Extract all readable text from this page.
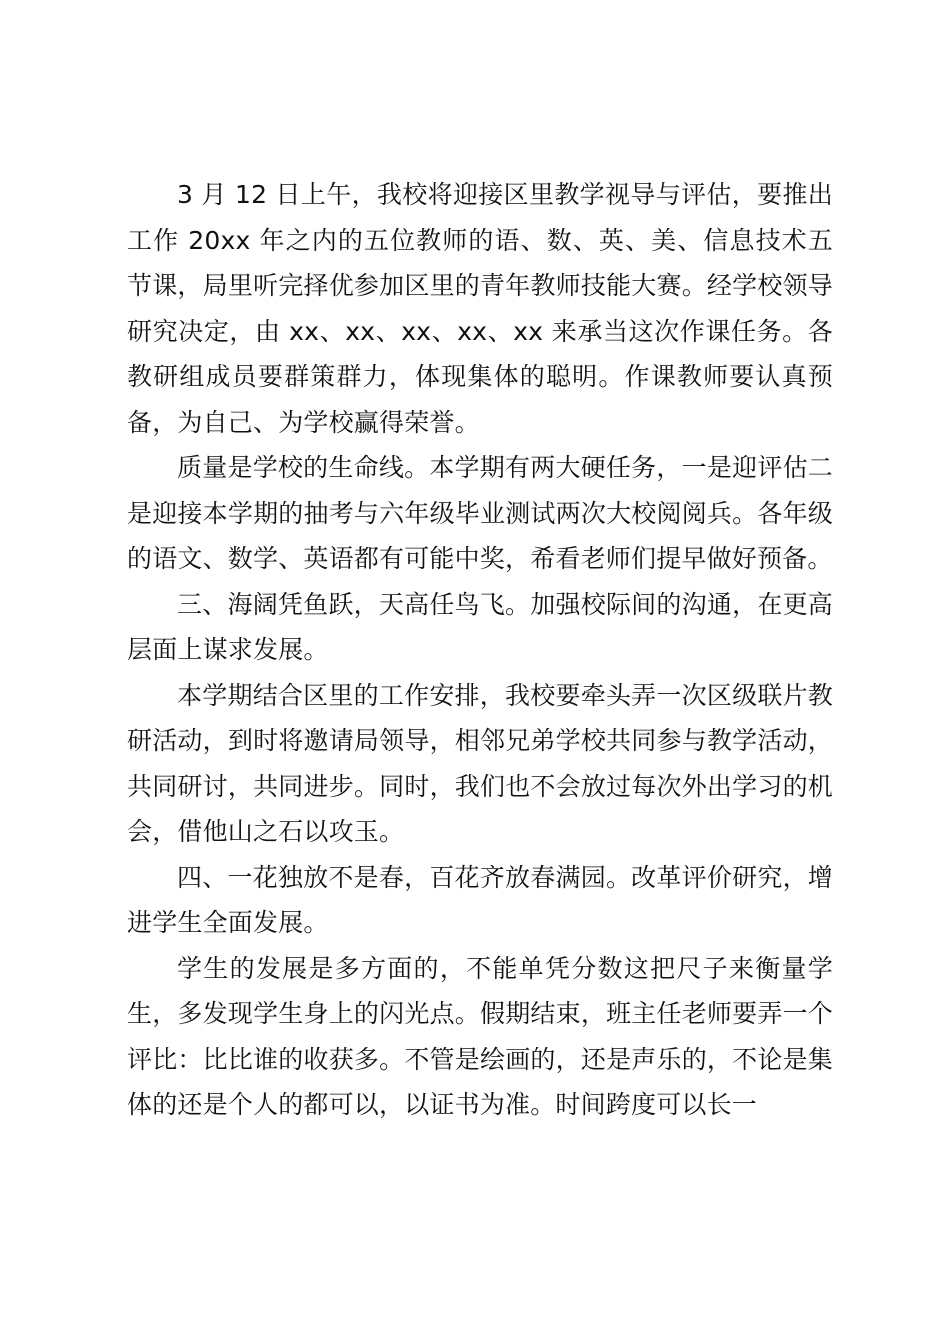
3 月 12 日上午，我校将迎接区里教学视导与评估，要推出工作 20xx 年之内的五位教师的语、数、英、美、信息技术五节课，局里听完择优参加区里的青年教师技能大赛。经学校领导研究决定，由 xx、xx、xx、xx、xx 来承当这次作课任务。各教研组成员要群策群力，体现集体的聪明。作课教师要认真预备，为自己、为学校赢得荣誉。

质量是学校的生命线。本学期有两大硬任务，一是迎评估二是迎接本学期的抽考与六年级毕业测试两次大校阅阅兵。各年级的语文、数学、英语都有可能中奖，希看老师们提早做好预备。

三、海阔凭鱼跃，天高任鸟飞。加强校际间的沟通，在更高层面上谋求发展。

本学期结合区里的工作安排，我校要牵头弄一次区级联片教研活动，到时将邀请局领导，相邻兄弟学校共同参与教学活动，共同研讨，共同进步。同时，我们也不会放过每次外出学习的机会，借他山之石以攻玉。

四、一花独放不是春，百花齐放春满园。改革评价研究，增进学生全面发展。

学生的发展是多方面的，不能单凭分数这把尺子来衡量学生，多发现学生身上的闪光点。假期结束，班主任老师要弄一个评比：比比谁的收获多。不管是绘画的，还是声乐的，不论是集体的还是个人的都可以，以证书为准。时间跨度可以长一
